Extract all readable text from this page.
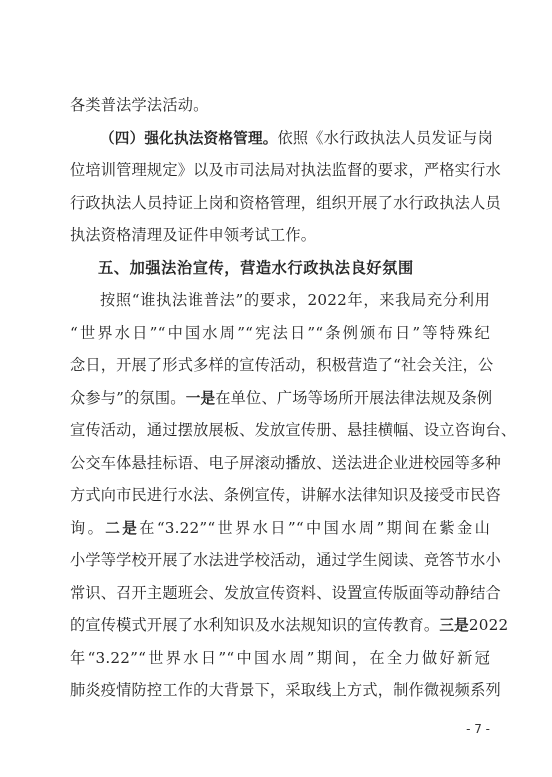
各类普法学法活动。
（四）强化执法资格管理。依照《水行政执法人员发证与岗
位培训管理规定》以及市司法局对执法监督的要求，严格实行水
行政执法人员持证上岗和资格管理，组织开展了水行政执法人员
执法资格清理及证件申领考试工作。
五、加强法治宣传，营造水行政执法良好氛围
按照“谁执法谁普法”的要求，2022年，来我局充分利用
“世界水日”“中国水周”“宪法日”“条例颁布日”等特殊纪
念日，开展了形式多样的宣传活动，积极营造了“社会关注，公
众参与”的氛围。一是在单位、广场等场所开展法律法规及条例
宣传活动，通过摆放展板、发放宣传册、悬挂横幅、设立咨询台、
公交车体悬挂标语、电子屏滚动播放、送法进企业进校园等多种
方式向市民进行水法、条例宣传，讲解水法律知识及接受市民咨
询。二是在“3.22”“世界水日”“中国水周”期间在紫金山
小学等学校开展了水法进学校活动，通过学生阅读、竞答节水小
常识、召开主题班会、发放宣传资料、设置宣传版面等动静结合
的宣传模式开展了水利知识及水法规知识的宣传教育。三是2022
年“3.22”“世界水日”“中国水周”期间，在全力做好新冠
肺炎疫情防控工作的大背景下，采取线上方式，制作微视频系列
- 7 -
